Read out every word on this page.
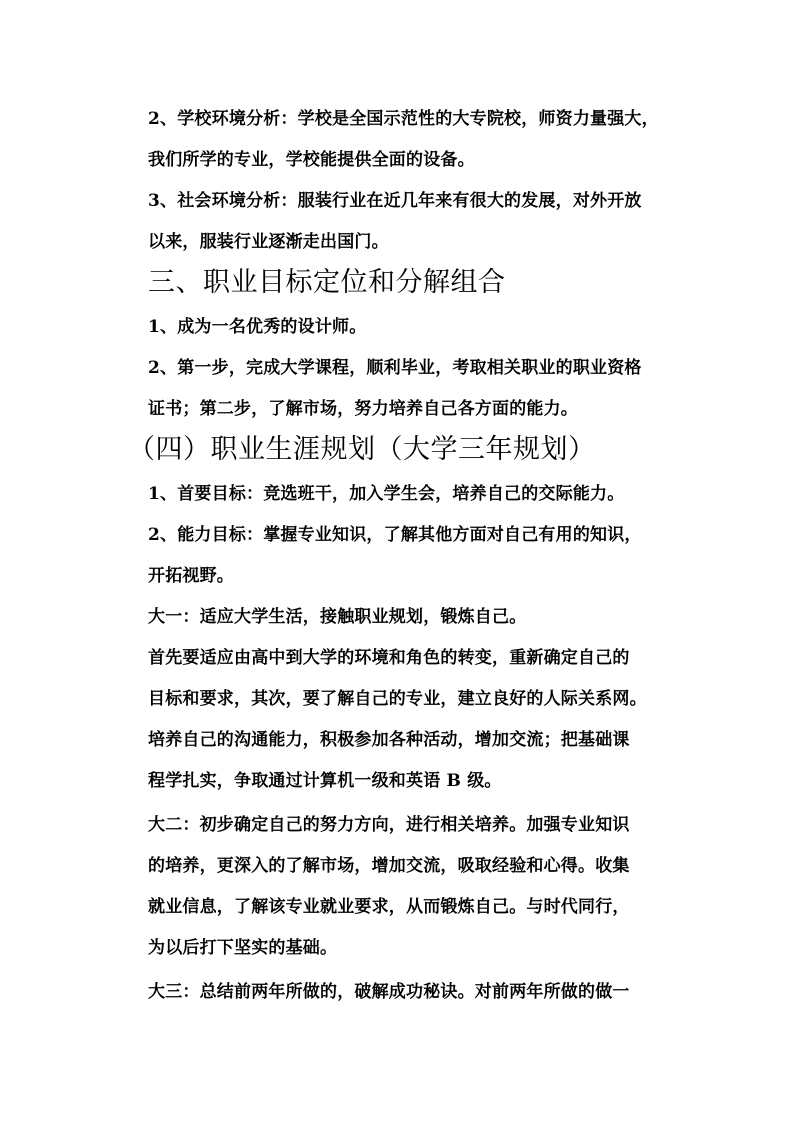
2、学校环境分析：学校是全国示范性的大专院校，师资力量强大，
我们所学的专业，学校能提供全面的设备。
3、社会环境分析：服装行业在近几年来有很大的发展，对外开放
以来，服装行业逐渐走出国门。
三、职业目标定位和分解组合
1、成为一名优秀的设计师。
2、第一步，完成大学课程，顺利毕业，考取相关职业的职业资格
证书；第二步，了解市场，努力培养自己各方面的能力。
（四）职业生涯规划（大学三年规划）
1、首要目标：竞选班干，加入学生会，培养自己的交际能力。
2、能力目标：掌握专业知识，了解其他方面对自己有用的知识，
开拓视野。
大一：适应大学生活，接触职业规划，锻炼自己。
首先要适应由高中到大学的环境和角色的转变，重新确定自己的
目标和要求，其次，要了解自己的专业，建立良好的人际关系网。
培养自己的沟通能力，积极参加各种活动，增加交流；把基础课
程学扎实，争取通过计算机一级和英语 B 级。
大二：初步确定自己的努力方向，进行相关培养。加强专业知识
的培养，更深入的了解市场，增加交流，吸取经验和心得。收集
就业信息，了解该专业就业要求，从而锻炼自己。与时代同行，
为以后打下坚实的基础。
大三：总结前两年所做的，破解成功秘诀。对前两年所做的做一
